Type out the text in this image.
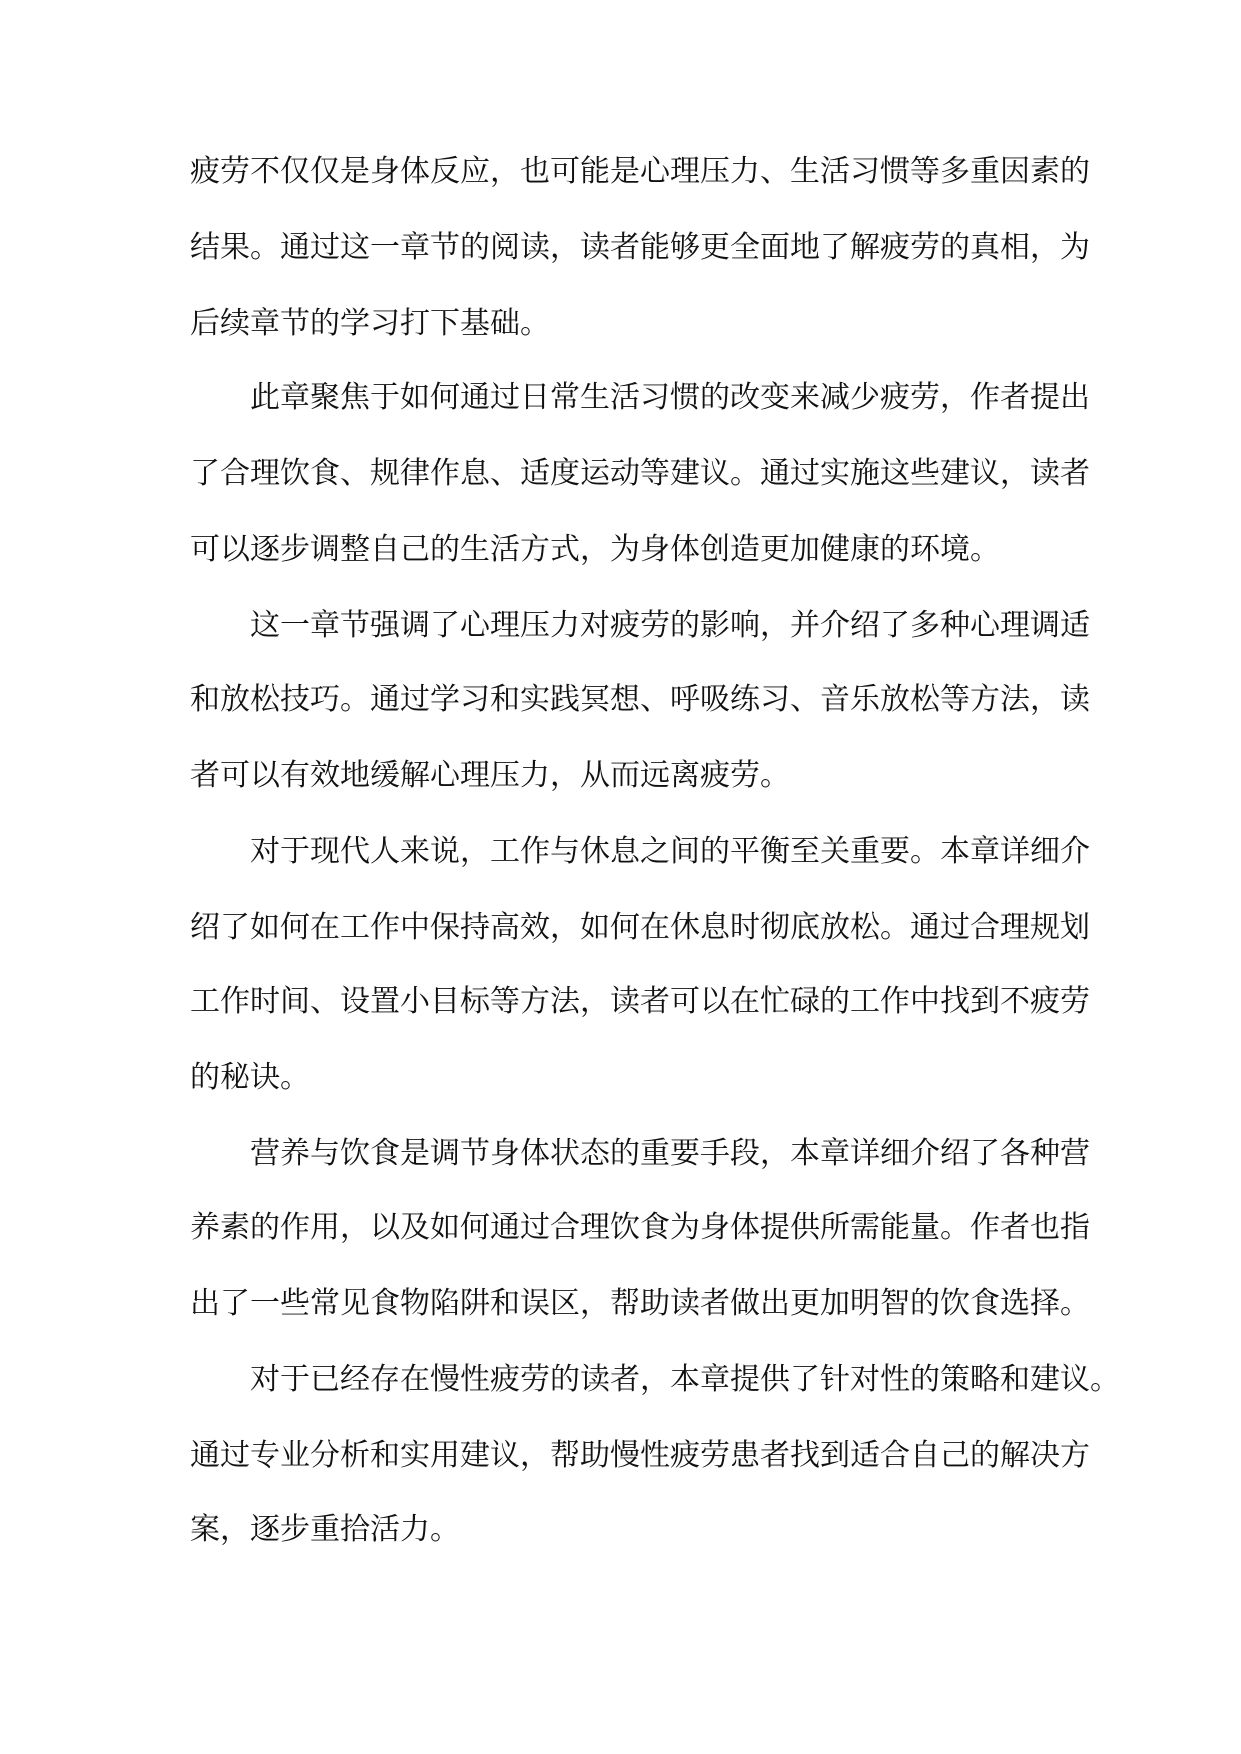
疲劳不仅仅是身体反应，也可能是心理压力、生活习惯等多重因素的
结果。通过这一章节的阅读，读者能够更全面地了解疲劳的真相，为
后续章节的学习打下基础。
此章聚焦于如何通过日常生活习惯的改变来减少疲劳，作者提出
了合理饮食、规律作息、适度运动等建议。通过实施这些建议，读者
可以逐步调整自己的生活方式，为身体创造更加健康的环境。
这一章节强调了心理压力对疲劳的影响，并介绍了多种心理调适
和放松技巧。通过学习和实践冥想、呼吸练习、音乐放松等方法，读
者可以有效地缓解心理压力，从而远离疲劳。
对于现代人来说，工作与休息之间的平衡至关重要。本章详细介
绍了如何在工作中保持高效，如何在休息时彻底放松。通过合理规划
工作时间、设置小目标等方法，读者可以在忙碌的工作中找到不疲劳
的秘诀。
营养与饮食是调节身体状态的重要手段，本章详细介绍了各种营
养素的作用，以及如何通过合理饮食为身体提供所需能量。作者也指
出了一些常见食物陷阱和误区，帮助读者做出更加明智的饮食选择。
对于已经存在慢性疲劳的读者，本章提供了针对性的策略和建议。
通过专业分析和实用建议，帮助慢性疲劳患者找到适合自己的解决方
案，逐步重拾活力。
